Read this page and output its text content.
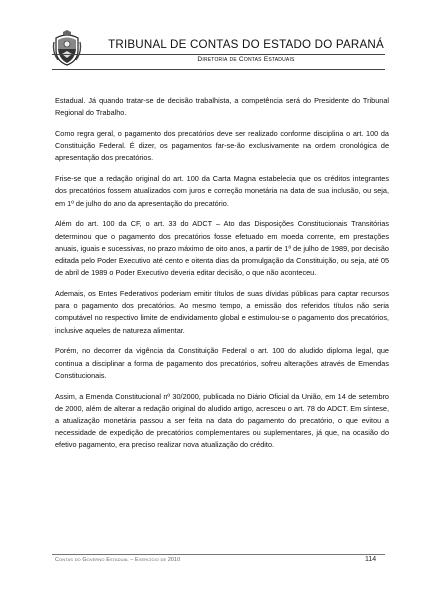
TRIBUNAL DE CONTAS DO ESTADO DO PARANÁ
Diretoria de Contas Estaduais

Estadual. Já quando tratar-se de decisão trabalhista, a competência será do Presidente do Tribunal Regional do Trabalho.

Como regra geral, o pagamento dos precatórios deve ser realizado conforme disciplina o art. 100 da Constituição Federal. É dizer, os pagamentos far-se-ão exclusivamente na ordem cronológica de apresentação dos precatórios.

Frise-se que a redação original do art. 100 da Carta Magna estabelecia que os créditos integrantes dos precatórios fossem atualizados com juros e correção monetária na data de sua inclusão, ou seja, em 1º de julho do ano da apresentação do precatório.

Além do art. 100 da CF, o art. 33 do ADCT – Ato das Disposições Constitucionais Transitórias determinou que o pagamento dos precatórios fosse efetuado em moeda corrente, em prestações anuais, iguais e sucessivas, no prazo máximo de oito anos, a partir de 1º de julho de 1989, por decisão editada pelo Poder Executivo até cento e oitenta dias da promulgação da Constituição, ou seja, até 05 de abril de 1989 o Poder Executivo deveria editar decisão, o que não aconteceu.

Ademais, os Entes Federativos poderiam emitir títulos de suas dívidas públicas para captar recursos para o pagamento dos precatórios. Ao mesmo tempo, a emissão dos referidos títulos não seria computável no respectivo limite de endividamento global e estimulou-se o pagamento dos precatórios, inclusive aqueles de natureza alimentar.

Porém, no decorrer da vigência da Constituição Federal o art. 100 do aludido diploma legal, que continua a disciplinar a forma de pagamento dos precatórios, sofreu alterações através de Emendas Constitucionais.

Assim, a Emenda Constitucional nº 30/2000, publicada no Diário Oficial da União, em 14 de setembro de 2000, além de alterar a redação original do aludido artigo, acresceu o art. 78 do ADCT. Em síntese, a atualização monetária passou a ser feita na data do pagamento do precatório, o que evitou a necessidade de expedição de precatórios complementares ou suplementares, já que, na ocasião do efetivo pagamento, era preciso realizar nova atualização do crédito.

Contas do Governo Estadual – Exercício de 2010	114
